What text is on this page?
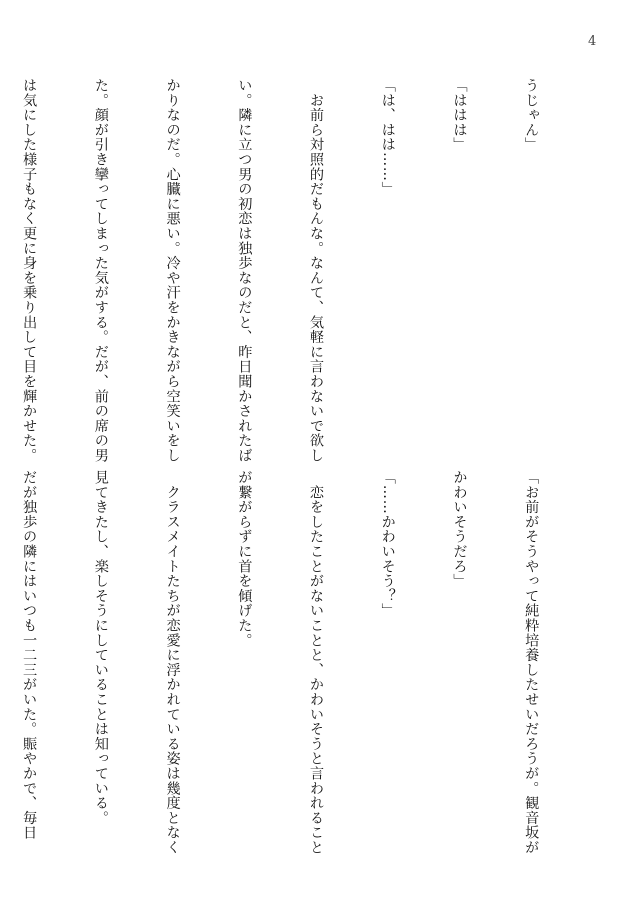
4

うじゃん」

「ははは」

「は、はは……」

　お前ら対照的だもんな。なんて、気軽に言わないで欲し

い。隣に立つ男の初恋は独歩なのだと、昨日聞かされたば

かりなのだ。心臓に悪い。冷や汗をかきながら空笑いをし

た。顔が引き攣ってしまった気がする。だが、前の席の男

は気にした様子もなく更に身を乗り出して目を輝かせた。

「お前がそうやって純粋培養したせいだろうが。観音坂が

かわいそうだろ」

「……かわいそう？」

　恋をしたことがないことと、かわいそうと言われること

が繋がらずに首を傾げた。

　クラスメイトたちが恋愛に浮かれている姿は幾度となく

見てきたし、楽しそうにしていることは知っている。

だが独歩の隣にはいつも一二三がいた。賑やかで、毎日
